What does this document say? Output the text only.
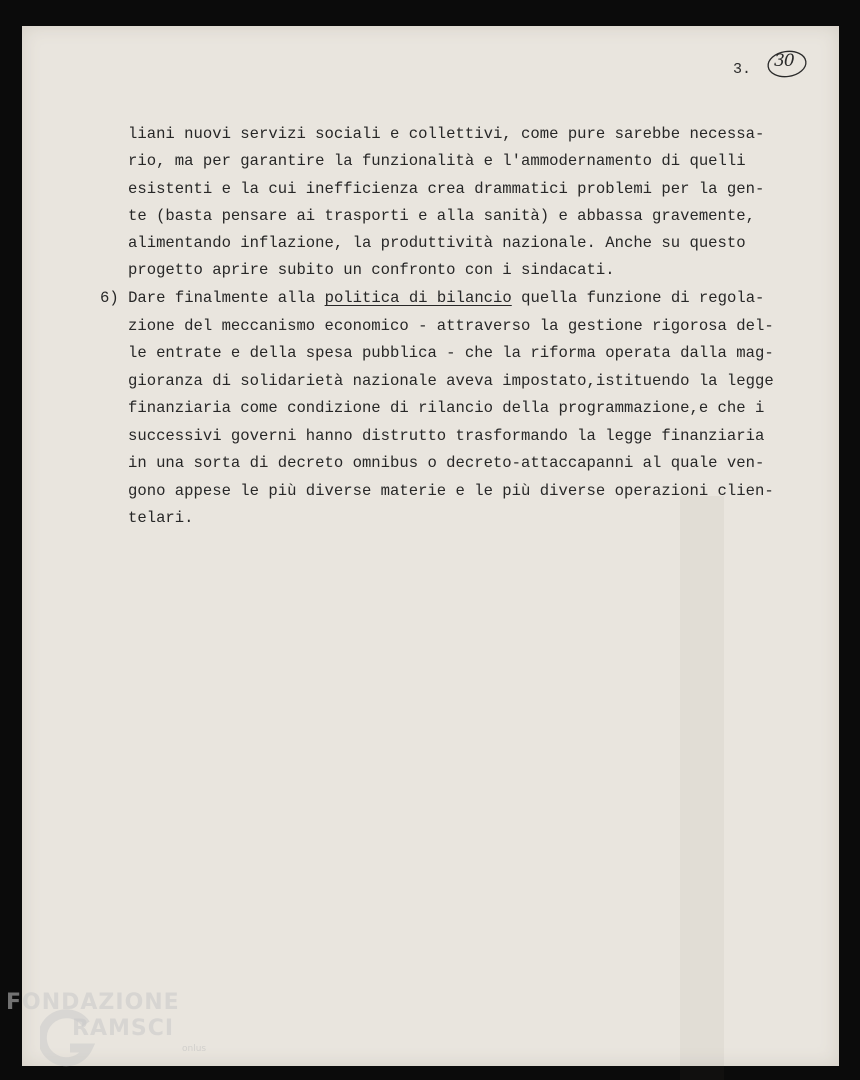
3. 30

liani nuovi servizi sociali e collettivi, come pure sarebbe necessa-

rio, ma per garantire la funzionalità e l'ammodernamento di quelli

esistenti e la cui inefficienza crea drammatici problemi per la gen-

te (basta pensare ai trasporti e alla sanità) e abbassa gravemente,

alimentando inflazione, la produttività nazionale. Anche su questo

progetto aprire subito un confronto con i sindacati.

6) Dare finalmente alla politica di bilancio quella funzione di regola-

zione del meccanismo economico - attraverso la gestione rigorosa del-

le entrate e della spesa pubblica - che la riforma operata dalla mag-

gioranza di solidarietà nazionale aveva impostato,istituendo la legge

finanziaria come condizione di rilancio della programmazione,e che i

successivi governi hanno distrutto trasformando la legge finanziaria

in una sorta di decreto omnibus o decreto-attaccapanni al quale ven-

gono appese le più diverse materie e le più diverse operazioni clien-

telari.

FONDAZIONE
RAMSCI
onlus
